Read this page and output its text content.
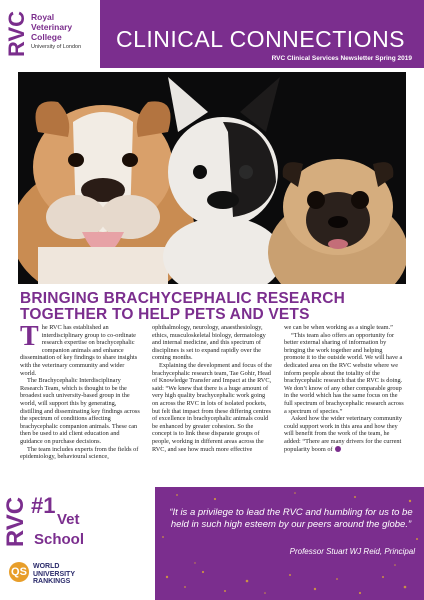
RVC Royal
Veterinary
College
University of London CLINICAL CONNECTIONS
RVC Clinical Services Newsletter Spring 2019
BRINGING BRACHYCEPHALIC RESEARCH
TOGETHER TO HELP PETS AND VETS

The RVC has established an interdisciplinary group to co-ordinate research expertise on brachycephalic companion animals and enhance dissemination of key findings to share insights with the veterinary community and wider world.

The Brachycephalic Interdisciplinary Research Team, which is thought to be the broadest such university-based group in the world, will support this by generating, distilling and disseminating key findings across the spectrum of conditions affecting brachycephalic companion animals. These can then be used to aid client education and guidance on purchase decisions.

The team includes experts from the fields of epidemiology, behavioural science,

ophthalmology, neurology, anaesthesiology, ethics, musculoskeletal biology, dermatology and internal medicine, and this spectrum of disciplines is set to expand rapidly over the coming months.

Explaining the development and focus of the brachycephalic research team, Tae Gohir, Head of Knowledge Transfer and Impact at the RVC, said: “We knew that there is a huge amount of very high quality brachycephalic work going on across the RVC in lots of isolated pockets, but felt that impact from these differing centres of excellence in brachycephalic animals could be enhanced by greater cohesion. So the concept is to link these disparate groups of people, working in different areas across the RVC, and see how much more effective

we can be when working as a single team.”

“This team also offers an opportunity for better external sharing of information by bringing the work together and helping promote it to the outside world. We will have a dedicated area on the RVC website where we inform people about the totality of the brachycephalic research that the RVC is doing. We don’t know of any other comparable group in the world which has the same focus on the full spectrum of brachycephalic research across a spectrum of species.”

Asked how the wider veterinary community could support work in this area and how they will benefit from the work of the team, he added: “There are many drivers for the current popularity boom of

RVC #1
Vet
School
QS WORLD
UNIVERSITY
RANKINGS
“It is a privilege to lead the RVC and humbling for us to be held in such high esteem by our peers around the globe.”
Professor Stuart WJ Reid, Principal
